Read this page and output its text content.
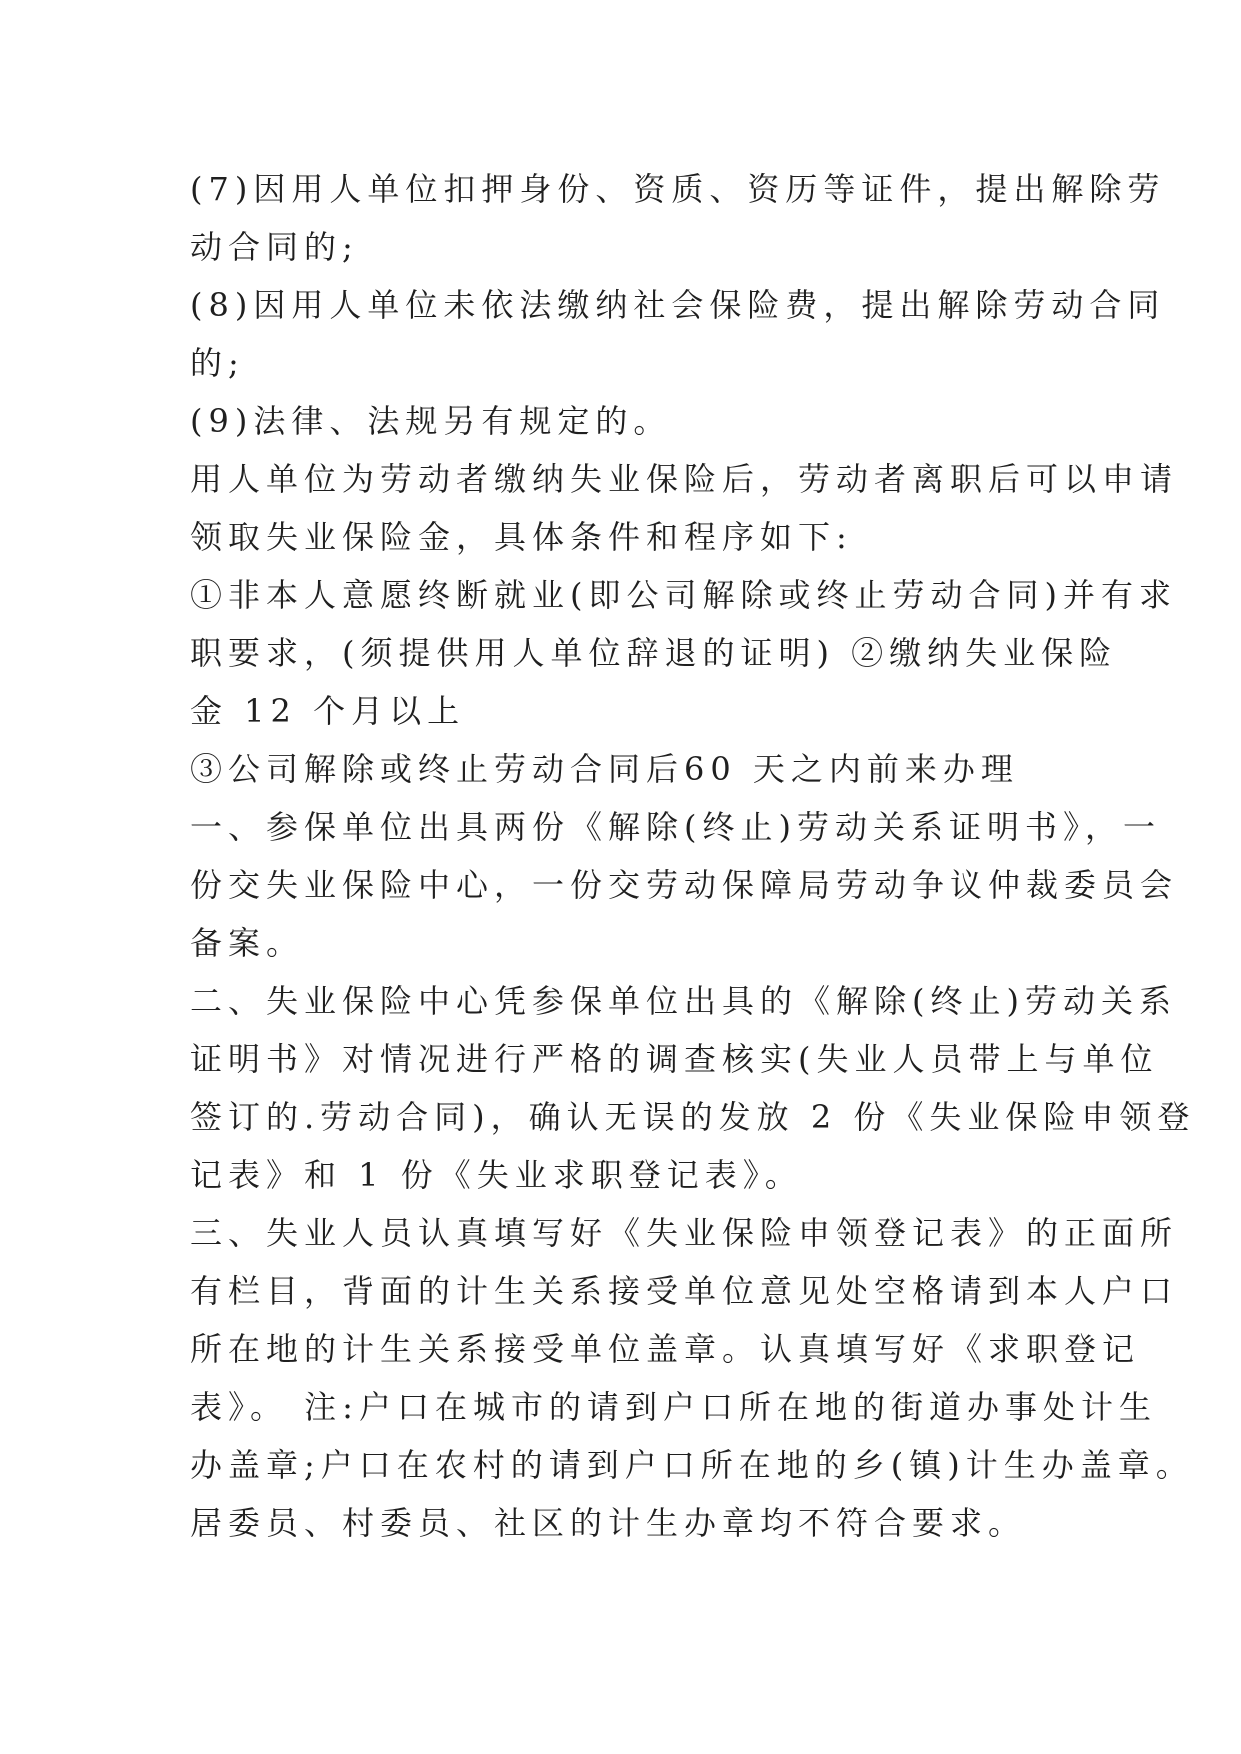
(7)因用人单位扣押身份、资质、资历等证件，提出解除劳
动合同的;
(8)因用人单位未依法缴纳社会保险费，提出解除劳动合同
的;
(9)法律、法规另有规定的。
用人单位为劳动者缴纳失业保险后，劳动者离职后可以申请
领取失业保险金，具体条件和程序如下:
①非本人意愿终断就业(即公司解除或终止劳动合同)并有求
职要求，(须提供用人单位辞退的证明) ②缴纳失业保险
金 12 个月以上
③公司解除或终止劳动合同后60 天之内前来办理
一、参保单位出具两份《解除(终止)劳动关系证明书》，一
份交失业保险中心，一份交劳动保障局劳动争议仲裁委员会
备案。
二、失业保险中心凭参保单位出具的《解除(终止)劳动关系
证明书》对情况进行严格的调查核实(失业人员带上与单位
签订的.劳动合同)，确认无误的发放 2 份《失业保险申领登
记表》和 1 份《失业求职登记表》。
三、失业人员认真填写好《失业保险申领登记表》的正面所
有栏目，背面的计生关系接受单位意见处空格请到本人户口
所在地的计生关系接受单位盖章。认真填写好《求职登记
表》。 注:户口在城市的请到户口所在地的街道办事处计生
办盖章;户口在农村的请到户口所在地的乡(镇)计生办盖章。
居委员、村委员、社区的计生办章均不符合要求。
